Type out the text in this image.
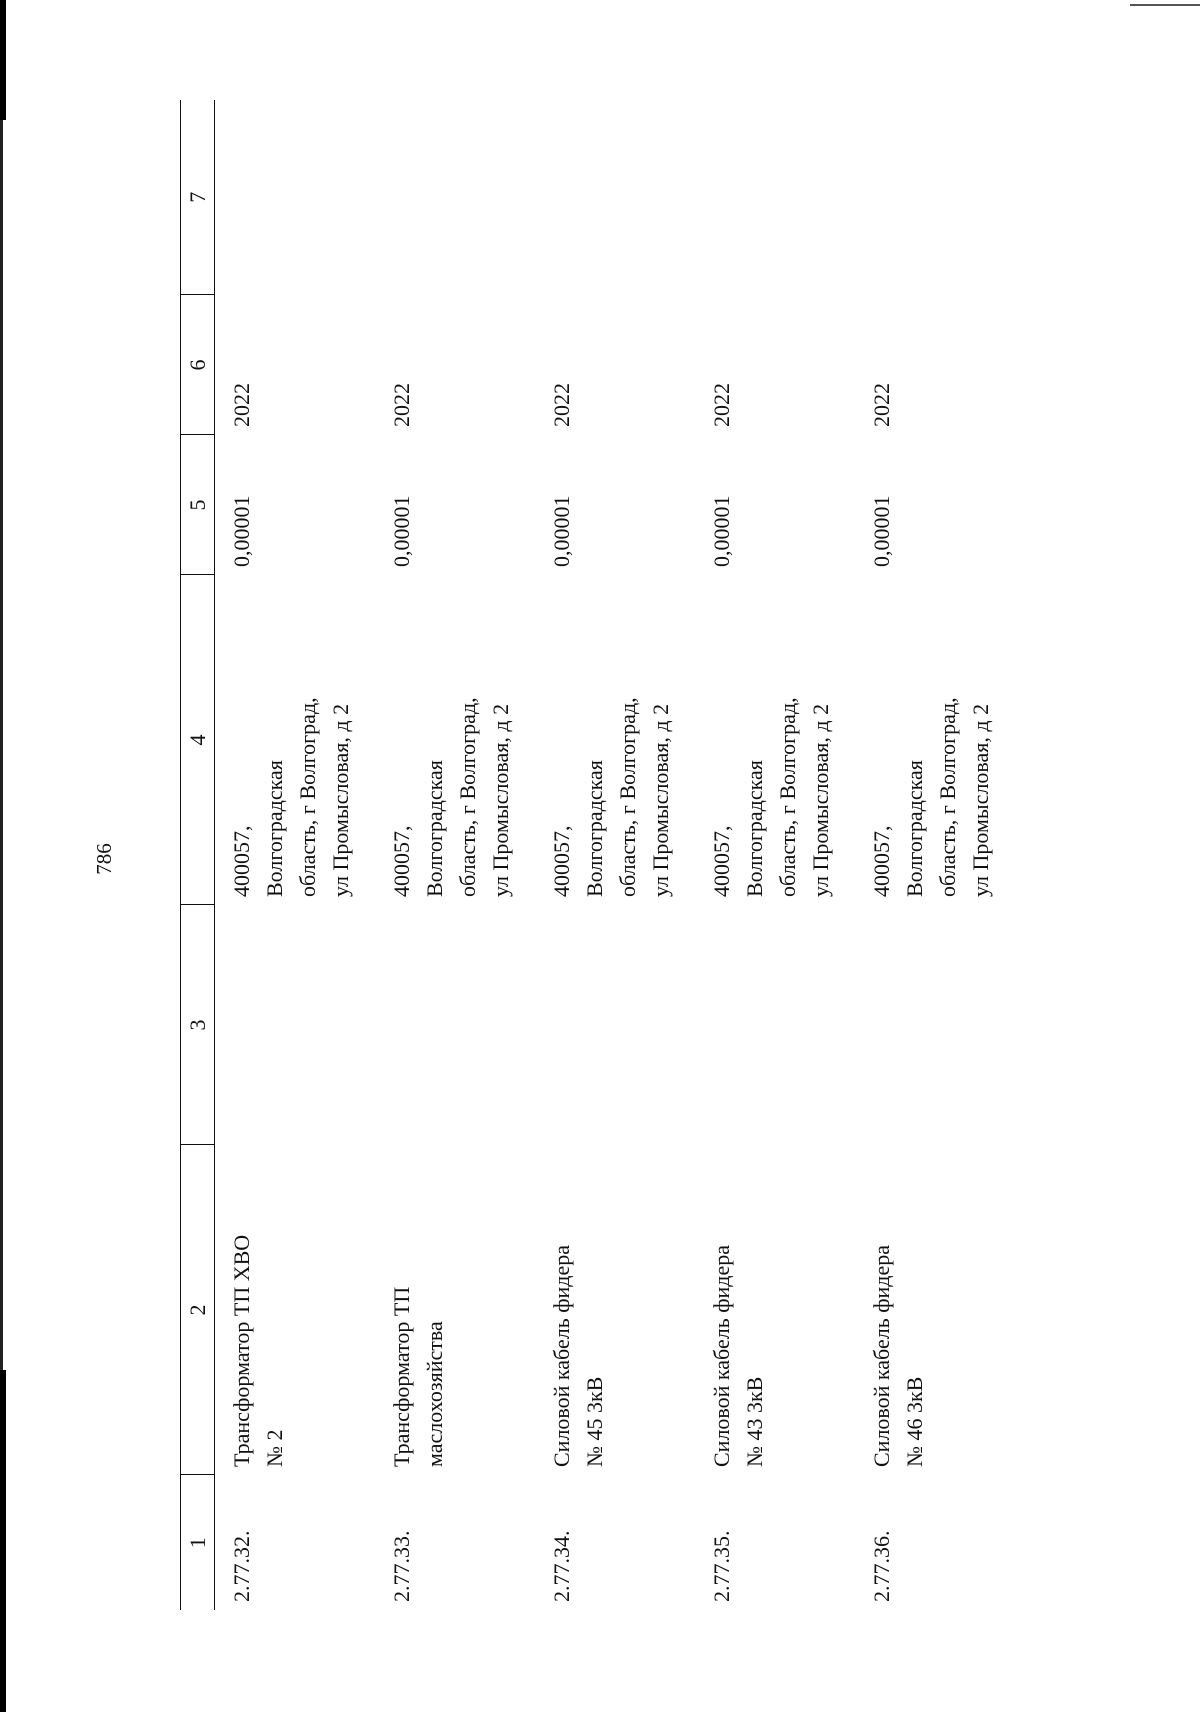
786
1	2	3	4	5	6	7
2.77.32.	Трансформатор ТП ХВО № 2		400057, Волгоградская область, г Волгоград, ул Промысловая, д 2	0,00001	2022	
2.77.33.	Трансформатор ТП маслохозяйства		400057, Волгоградская область, г Волгоград, ул Промысловая, д 2	0,00001	2022	
2.77.34.	Силовой кабель фидера № 45 3кВ		400057, Волгоградская область, г Волгоград, ул Промысловая, д 2	0,00001	2022	
2.77.35.	Силовой кабель фидера № 43 3кВ		400057, Волгоградская область, г Волгоград, ул Промысловая, д 2	0,00001	2022	
2.77.36.	Силовой кабель фидера № 46 3кВ		400057, Волгоградская область, г Волгоград, ул Промысловая, д 2	0,00001	2022	
